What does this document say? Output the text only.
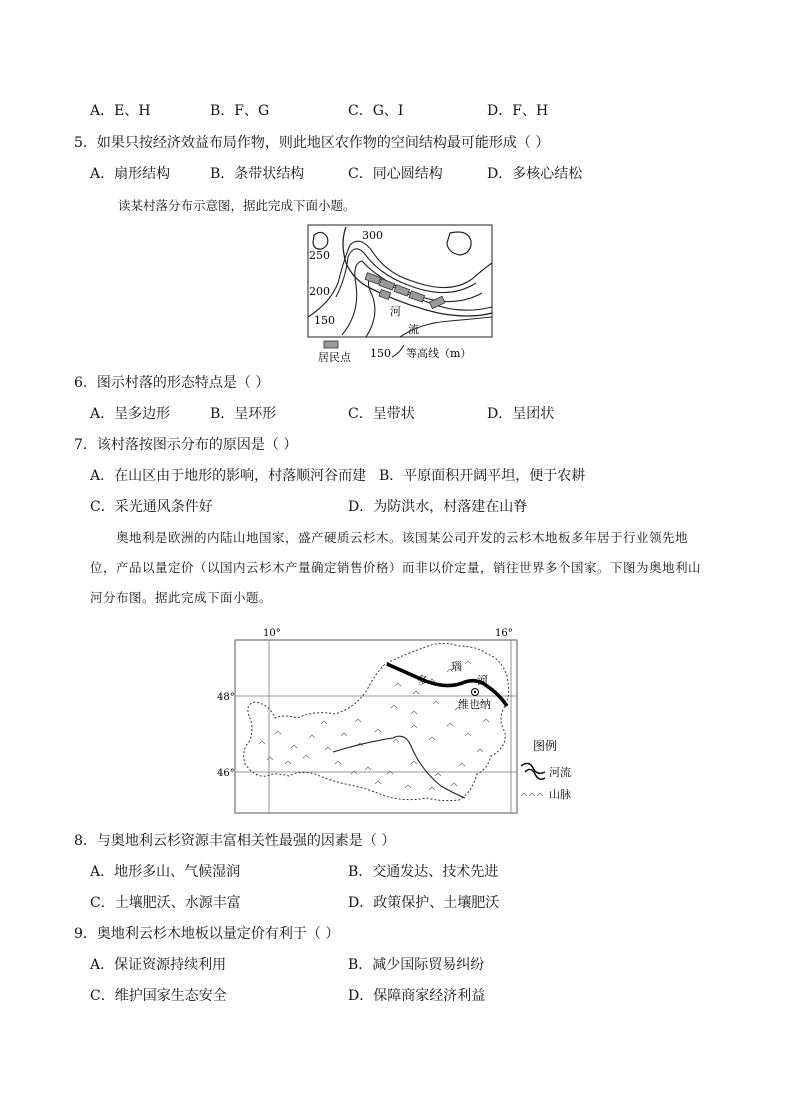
A．E、H	B．F、G	C．G、I	D．F、H
5．如果只按经济效益布局作物，则此地区农作物的空间结构最可能形成（ ）
A．扇形结构	B．条带状结构	C．同心圆结构	D．多核心结松
读某村落分布示意图，据此完成下面小题。
300
250
200
150
河
流
居民点 150 等高线（m）
6．图示村落的形态特点是（ ）
A．呈多边形	B．呈环形	C．呈带状	D．呈团状
7．该村落按图示分布的原因是（ ）
A．在山区由于地形的影响，村落顺河谷而建 B．平原面积开阔平坦，便于农耕
C．采光通风条件好	D．为防洪水，村落建在山脊
奥地利是欧洲的内陆山地国家，盛产硬质云杉木。该国某公司开发的云杉木地板多年居于行业领先地位，产品以量定价（以国内云杉木产量确定销售价格）而非以价定量，销往世界多个国家。下图为奥地利山河分布图。据此完成下面小题。
10°	16°
48°
46°
多
瑙
河
维也纳
图例
河流
山脉
8．与奥地利云杉资源丰富相关性最强的因素是（ ）
A．地形多山、气候湿润	B．交通发达、技术先进
C．土壤肥沃、水源丰富	D．政策保护、土壤肥沃
9．奥地利云杉木地板以量定价有利于（ ）
A．保证资源持续利用	B．减少国际贸易纠纷
C．维护国家生态安全	D．保障商家经济利益
